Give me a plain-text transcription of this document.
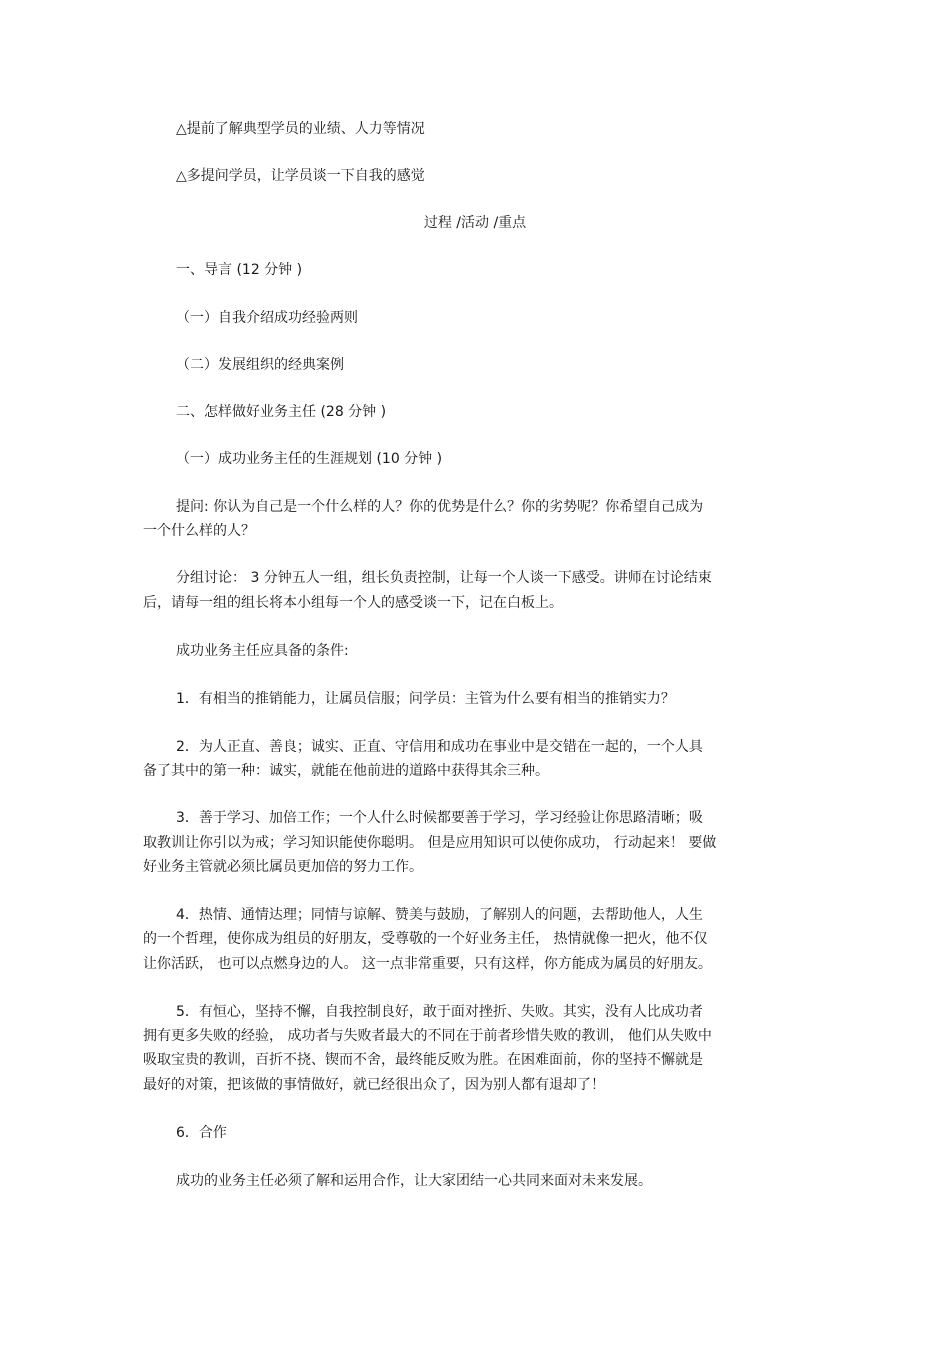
△提前了解典型学员的业绩、人力等情况
△多提问学员，让学员谈一下自我的感觉
过程 /活动 /重点
一、导言 (12 分钟 )
（一）自我介绍成功经验两则
（二）发展组织的经典案例
二、怎样做好业务主任 (28 分钟 )
（一）成功业务主任的生涯规划 (10 分钟 )
提问: 你认为自己是一个什么样的人？你的优势是什么？你的劣势呢？你希望自己成为
一个什么样的人？
分组讨论： 3 分钟五人一组，组长负责控制，让每一个人谈一下感受。讲师在讨论结束
后，请每一组的组长将本小组每一个人的感受谈一下，记在白板上。
成功业务主任应具备的条件:
1．有相当的推销能力，让属员信服；问学员：主管为什么要有相当的推销实力？
2．为人正直、善良；诚实、正直、守信用和成功在事业中是交错在一起的，一个人具
备了其中的第一种：诚实，就能在他前进的道路中获得其余三种。
3．善于学习、加倍工作；一个人什么时候都要善于学习，学习经验让你思路清晰；吸
取教训让你引以为戒；学习知识能使你聪明。 但是应用知识可以使你成功， 行动起来！ 要做
好业务主管就必须比属员更加倍的努力工作。
4．热情、通情达理；同情与谅解、赞美与鼓励，了解别人的问题，去帮助他人，人生
的一个哲理，使你成为组员的好朋友，受尊敬的一个好业务主任， 热情就像一把火，他不仅
让你活跃， 也可以点燃身边的人。 这一点非常重要，只有这样，你方能成为属员的好朋友。
5．有恒心，坚持不懈，自我控制良好，敢于面对挫折、失败。其实，没有人比成功者
拥有更多失败的经验， 成功者与失败者最大的不同在于前者珍惜失败的教训， 他们从失败中
吸取宝贵的教训，百折不挠、锲而不舍，最终能反败为胜。在困难面前，你的坚持不懈就是
最好的对策，把该做的事情做好，就已经很出众了，因为别人都有退却了！
6．合作
成功的业务主任必须了解和运用合作，让大家团结一心共同来面对未来发展。
